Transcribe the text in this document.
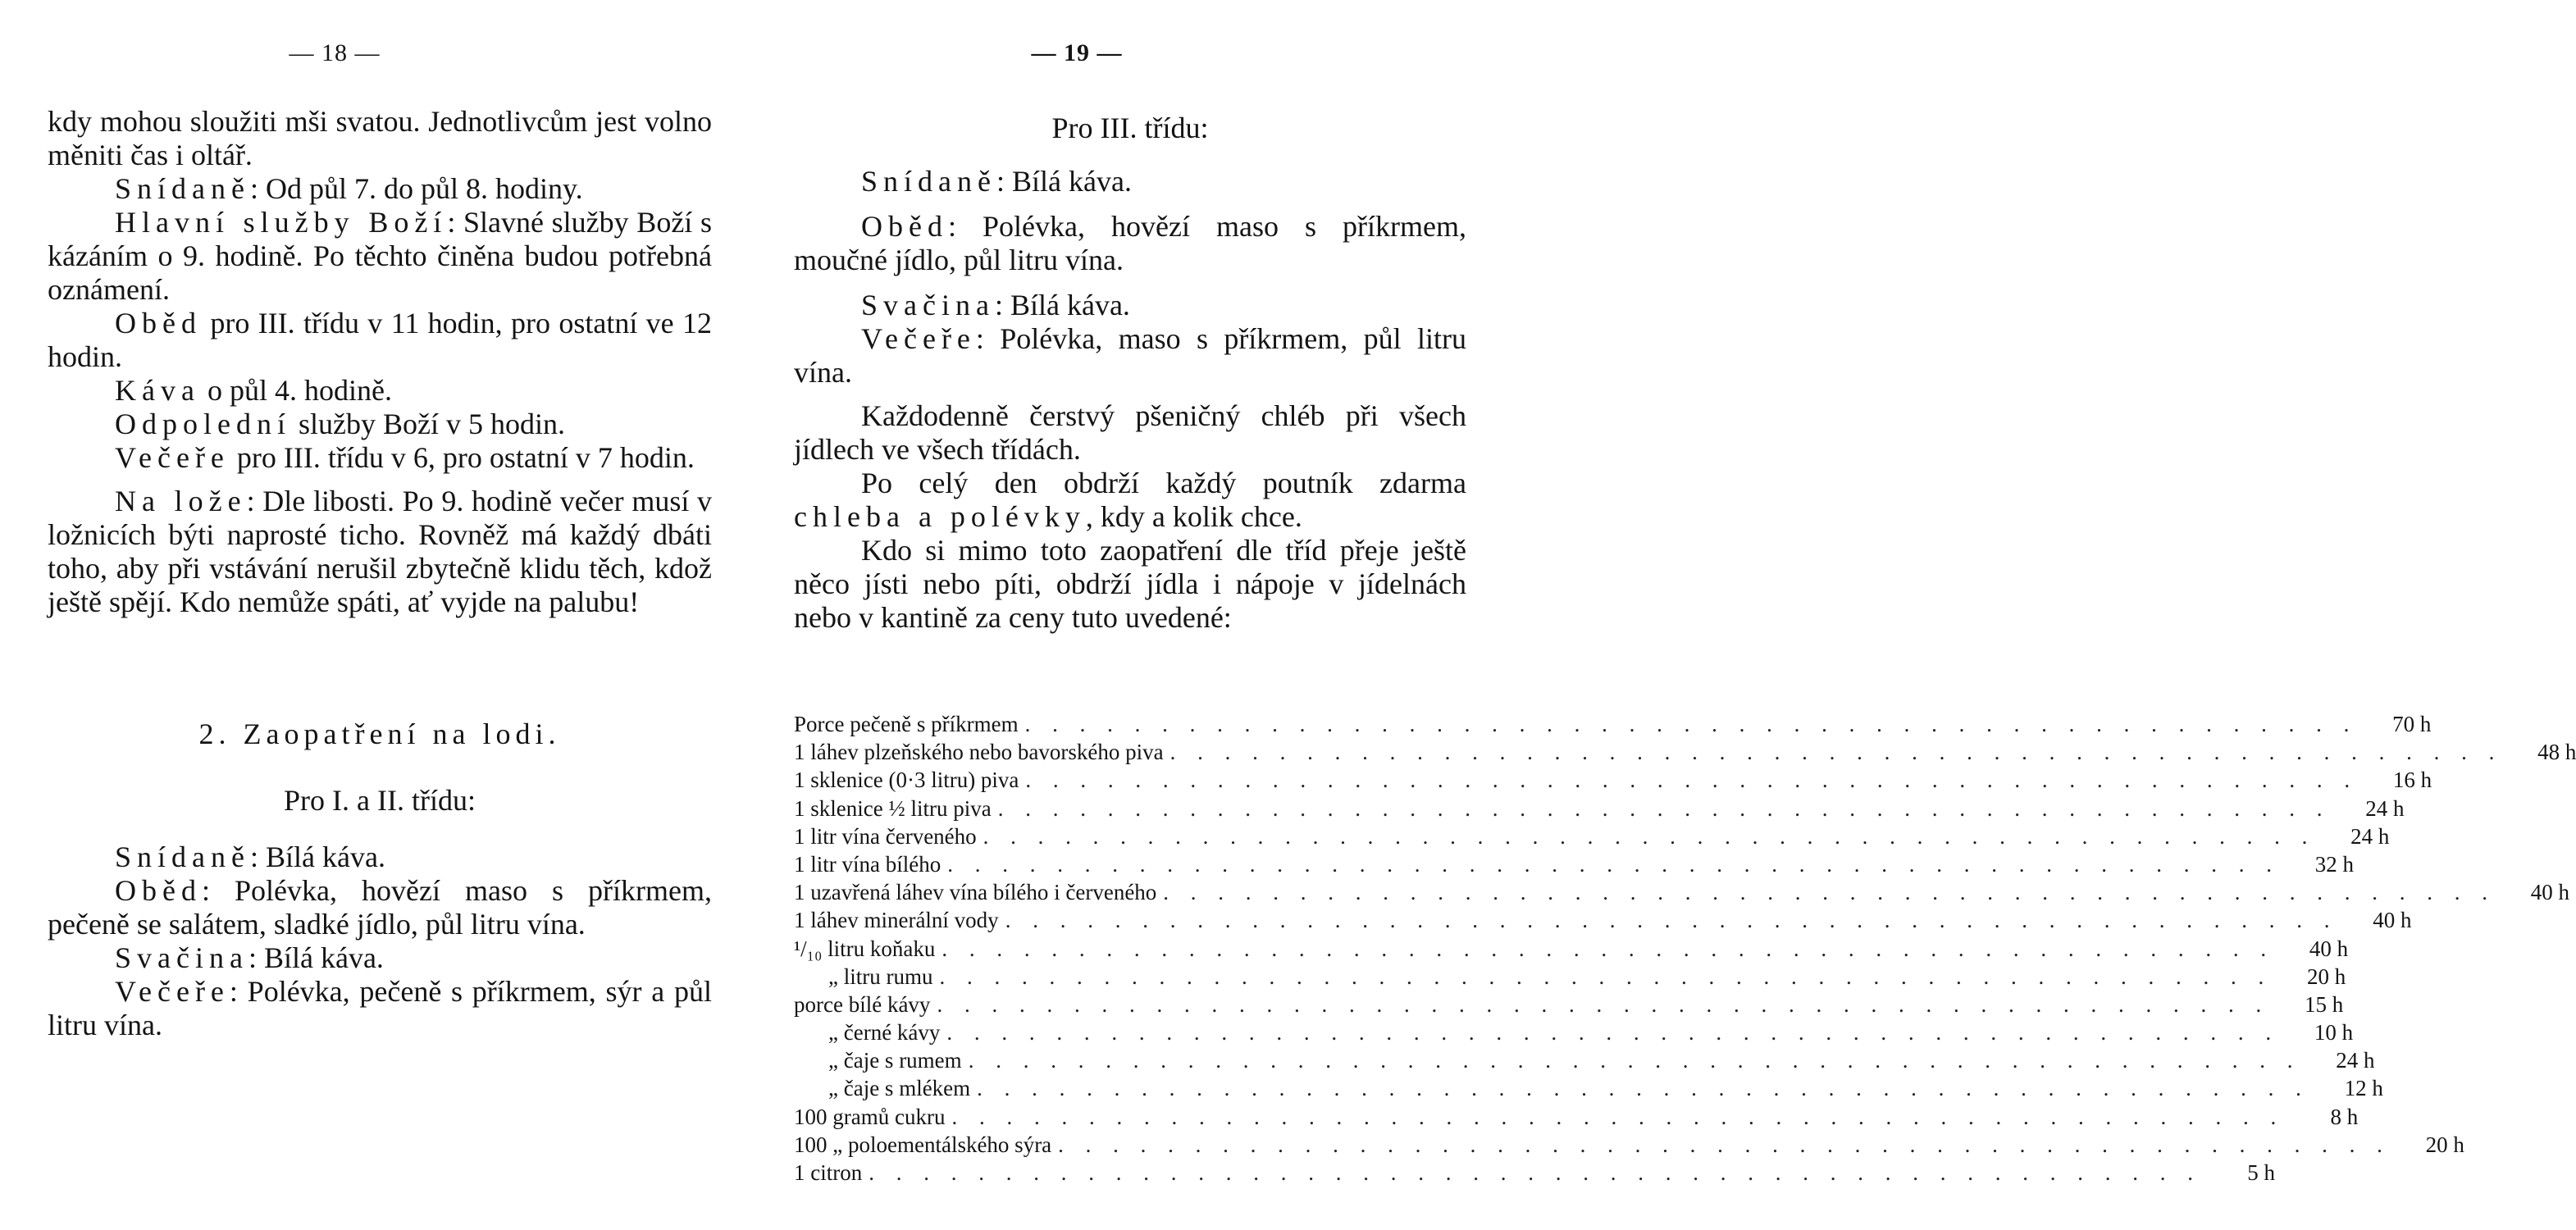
— 18 —

kdy mohou sloužiti mši svatou. Jednotlivcům jest volno měniti čas i oltář.

Snídaně: Od půl 7. do půl 8. hodiny.

Hlavní služby Boží: Slavné služby Boží s kázáním o 9. hodině. Po těchto činěna budou potřebná oznámení.

Oběd pro III. třídu v 11 hodin, pro ostatní ve 12 hodin.

Káva o půl 4. hodině.

Odpolední služby Boží v 5 hodin.

Večeře pro III. třídu v 6, pro ostatní v 7 hodin.

Na lože: Dle libosti. Po 9. hodině večer musí v ložnicích býti naprosté ticho. Rovněž má každý dbáti toho, aby při vstávání nerušil zbytečně klidu těch, kdož ještě spějí. Kdo nemůže spáti, ať vyjde na palubu!

2. Zaopatření na lodi.
Pro I. a II. třídu:

Snídaně: Bílá káva.

Oběd: Polévka, hovězí maso s příkrmem, pečeně se salátem, sladké jídlo, půl litru vína.

Svačina: Bílá káva.

Večeře: Polévka, pečeně s příkrmem, sýr a půl litru vína.

— 19 —
Pro III. třídu:

Snídaně: Bílá káva.

Oběd: Polévka, hovězí maso s příkrmem, moučné jídlo, půl litru vína.

Svačina: Bílá káva.

Večeře: Polévka, maso s příkrmem, půl litru vína.

Každodenně čerstvý pšeničný chléb při všech jídlech ve všech třídách.

Po celý den obdrží každý poutník zdarma chleba a polévky, kdy a kolik chce.

Kdo si mimo toto zaopatření dle tříd přeje ještě něco jísti nebo píti, obdrží jídla i nápoje v jídelnách nebo v kantině za ceny tuto uvedené:

Porce pečeně s příkrmem . . . . . . . . . . . . . . . . . . . . . . . . . . . . . . . . . . . . . . . . . . . . . . . . .	70 h
1 láhev plzeňského nebo bavorského piva . . . . . . . . . . . . . . . . . . . . . . . . . . . . . . . . . . . . . . . . . . . . . . . . .	48 h
1 sklenice (0·3 litru) piva . . . . . . . . . . . . . . . . . . . . . . . . . . . . . . . . . . . . . . . . . . . . . . . . .	16 h
1 sklenice ½ litru piva . . . . . . . . . . . . . . . . . . . . . . . . . . . . . . . . . . . . . . . . . . . . . . . . .	24 h
1 litr vína červeného . . . . . . . . . . . . . . . . . . . . . . . . . . . . . . . . . . . . . . . . . . . . . . . . .	24 h
1 litr vína bílého . . . . . . . . . . . . . . . . . . . . . . . . . . . . . . . . . . . . . . . . . . . . . . . . .	32 h
1 uzavřená láhev vína bílého i červeného . . . . . . . . . . . . . . . . . . . . . . . . . . . . . . . . . . . . . . . . . . . . . . . . .	40 h
1 láhev minerální vody . . . . . . . . . . . . . . . . . . . . . . . . . . . . . . . . . . . . . . . . . . . . . . . . .	40 h
¹/₁₀ litru koňaku . . . . . . . . . . . . . . . . . . . . . . . . . . . . . . . . . . . . . . . . . . . . . . . . .	40 h
„ litru rumu . . . . . . . . . . . . . . . . . . . . . . . . . . . . . . . . . . . . . . . . . . . . . . . . .	20 h
porce bílé kávy . . . . . . . . . . . . . . . . . . . . . . . . . . . . . . . . . . . . . . . . . . . . . . . . .	15 h
„ černé kávy . . . . . . . . . . . . . . . . . . . . . . . . . . . . . . . . . . . . . . . . . . . . . . . . .	10 h
„ čaje s rumem . . . . . . . . . . . . . . . . . . . . . . . . . . . . . . . . . . . . . . . . . . . . . . . . .	24 h
„ čaje s mlékem . . . . . . . . . . . . . . . . . . . . . . . . . . . . . . . . . . . . . . . . . . . . . . . . .	12 h
100 gramů cukru . . . . . . . . . . . . . . . . . . . . . . . . . . . . . . . . . . . . . . . . . . . . . . . . .	8 h
100 „ poloementálského sýra . . . . . . . . . . . . . . . . . . . . . . . . . . . . . . . . . . . . . . . . . . . . . . . . .	20 h
1 citron . . . . . . . . . . . . . . . . . . . . . . . . . . . . . . . . . . . . . . . . . . . . . . . . .	5 h
